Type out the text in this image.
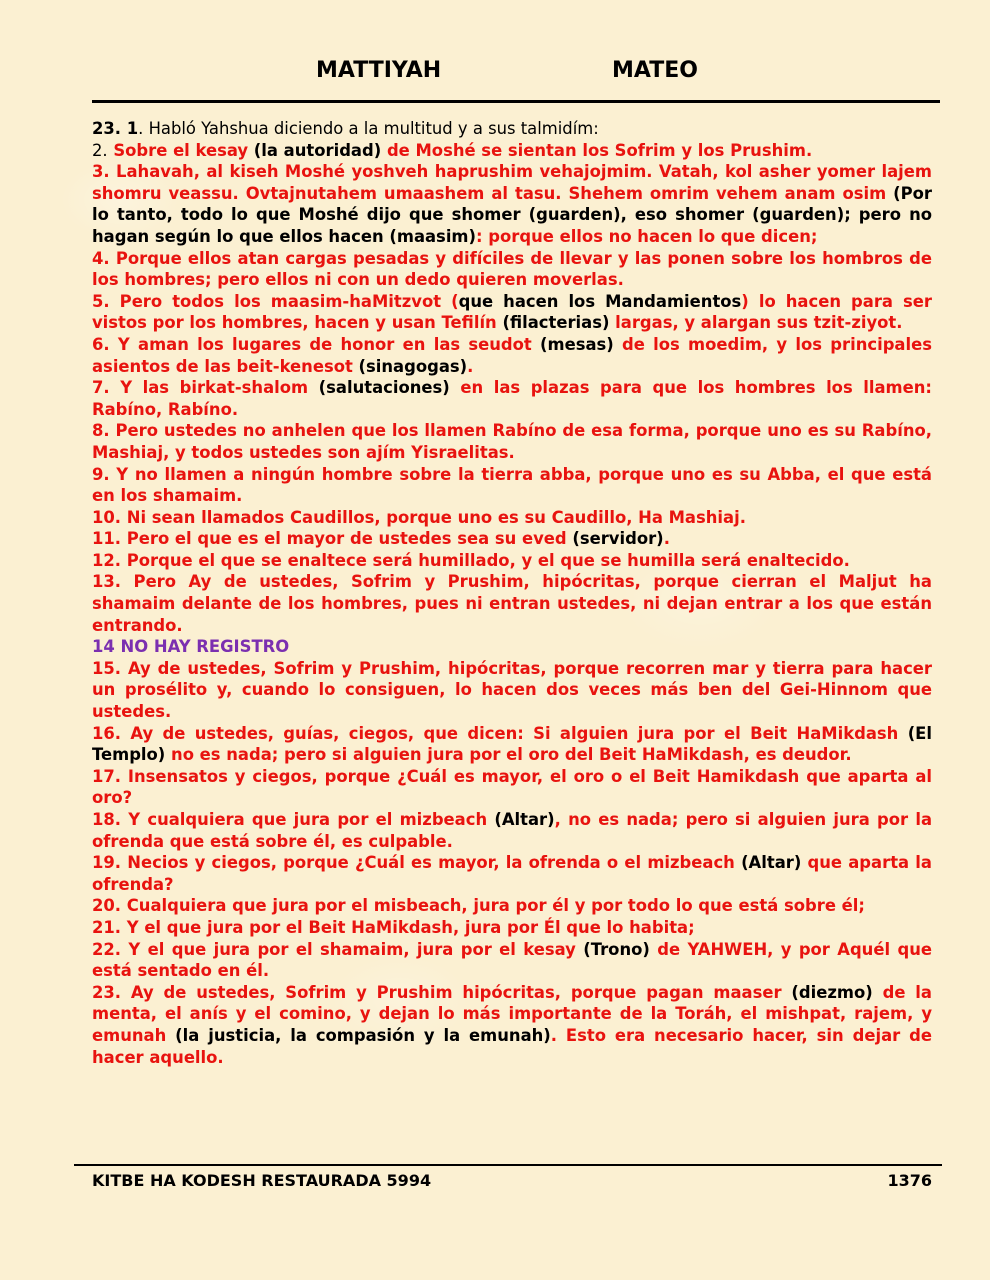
MATTIYAH	MATEO

23. 1. Habló Yahshua diciendo a la multitud y a sus talmidím:

2. Sobre el kesay (la autoridad) de Moshé se sientan los Sofrim y los Prushim.

3. Lahavah, al kiseh Moshé yoshveh haprushim vehajojmim. Vatah, kol asher yomer lajem shomru veassu. Ovtajnutahem umaashem al tasu. Shehem omrim vehem anam osim (Por lo tanto, todo lo que Moshé dijo que shomer (guarden), eso shomer (guarden); pero no hagan según lo que ellos hacen (maasim): porque ellos no hacen lo que dicen;

4. Porque ellos atan cargas pesadas y difíciles de llevar y las ponen sobre los hombros de los hombres; pero ellos ni con un dedo quieren moverlas.

5. Pero todos los maasim-haMitzvot (que hacen los Mandamientos) lo hacen para ser vistos por los hombres, hacen y usan Tefilín (filacterias) largas, y alargan sus tzit-ziyot.

6. Y aman los lugares de honor en las seudot (mesas) de los moedim, y los principales asientos de las beit-kenesot (sinagogas).

7. Y las birkat-shalom (salutaciones) en las plazas para que los hombres los llamen: Rabíno, Rabíno.

8. Pero ustedes no anhelen que los llamen Rabíno de esa forma, porque uno es su Rabíno, Mashiaj, y todos ustedes son ajím Yisraelitas.

9. Y no llamen a ningún hombre sobre la tierra abba, porque uno es su Abba, el que está en los shamaim.

10. Ni sean llamados Caudillos, porque uno es su Caudillo, Ha Mashiaj.

11. Pero el que es el mayor de ustedes sea su eved (servidor).

12. Porque el que se enaltece será humillado, y el que se humilla será enaltecido.

13. Pero Ay de ustedes, Sofrim y Prushim, hipócritas, porque cierran el Maljut ha shamaim delante de los hombres, pues ni entran ustedes, ni dejan entrar a los que están entrando.

14 NO HAY REGISTRO

15. Ay de ustedes, Sofrim y Prushim, hipócritas, porque recorren mar y tierra para hacer un prosélito y, cuando lo consiguen, lo hacen dos veces más ben del Gei-Hinnom que ustedes.

16. Ay de ustedes, guías, ciegos, que dicen: Si alguien jura por el Beit HaMikdash (El Templo) no es nada; pero si alguien jura por el oro del Beit HaMikdash, es deudor.

17. Insensatos y ciegos, porque ¿Cuál es mayor, el oro o el Beit Hamikdash que aparta al oro?

18. Y cualquiera que jura por el mizbeach (Altar), no es nada; pero si alguien jura por la ofrenda que está sobre él, es culpable.

19. Necios y ciegos, porque ¿Cuál es mayor, la ofrenda o el mizbeach (Altar) que aparta la ofrenda?

20. Cualquiera que jura por el misbeach, jura por él y por todo lo que está sobre él;

21. Y el que jura por el Beit HaMikdash, jura por Él que lo habita;

22. Y el que jura por el shamaim, jura por el kesay (Trono) de YAHWEH, y por Aquél que está sentado en él.

23. Ay de ustedes, Sofrim y Prushim hipócritas, porque pagan maaser (diezmo) de la menta, el anís y el comino, y dejan lo más importante de la Toráh, el mishpat, rajem, y emunah (la justicia, la compasión y la emunah). Esto era necesario hacer, sin dejar de hacer aquello.

KITBE HA KODESH RESTAURADA 5994	1376
